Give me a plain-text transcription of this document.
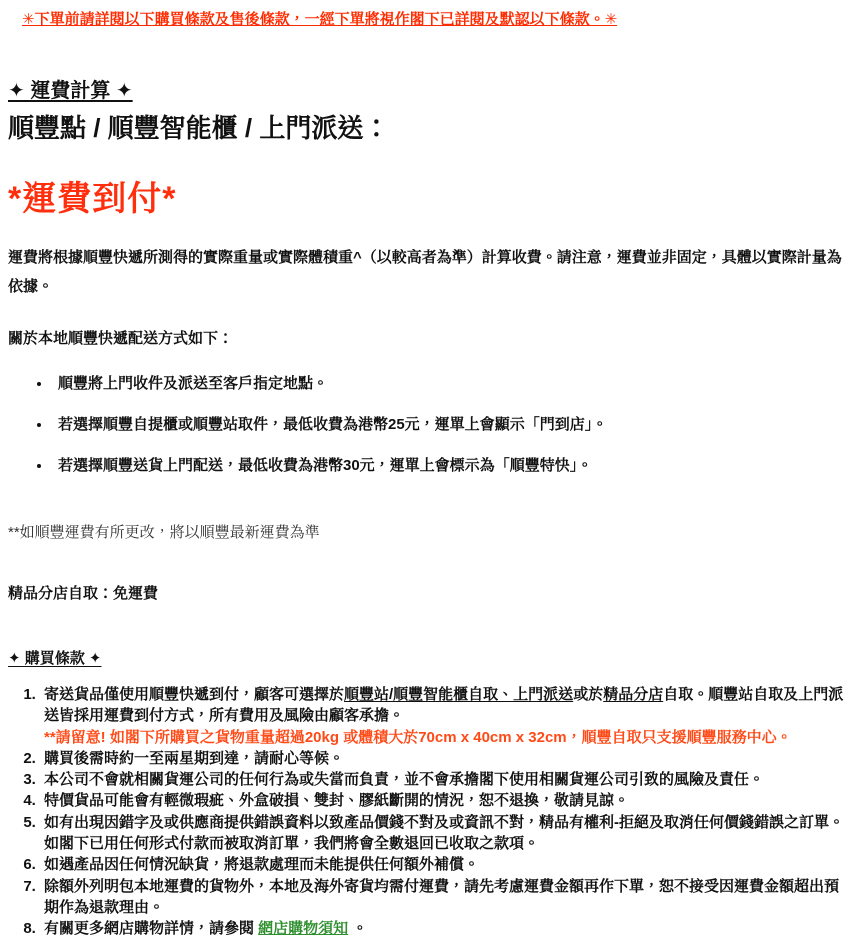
✳下單前請詳閱以下購買條款及售後條款，一經下單將視作閣下已詳閱及默認以下條款。✳

✦ 運費計算 ✦
順豐點 / 順豐智能櫃 / 上門派送：
*運費到付*

運費將根據順豐快遞所測得的實際重量或實際體積重^（以較高者為準）計算收費。請注意，運費並非固定，具體以實際計量為依據。

關於本地順豐快遞配送方式如下：

• 順豐將上門收件及派送至客戶指定地點。
• 若選擇順豐自提櫃或順豐站取件，最低收費為港幣25元，運單上會顯示「門到店」。
• 若選擇順豐送貨上門配送，最低收費為港幣30元，運單上會標示為「順豐特快」。

**如順豐運費有所更改，將以順豐最新運費為準

精品分店自取：免運費

✦ 購買條款 ✦
1. 寄送貨品僅使用順豐快遞到付，顧客可選擇於順豐站/順豐智能櫃自取、上門派送或於精品分店自取。順豐站自取及上門派送皆採用運費到付方式，所有費用及風險由顧客承擔。
**請留意! 如閣下所購買之貨物重量超過20kg 或體積大於70cm x 40cm x 32cm，順豐自取只支援順豐服務中心。
2. 購買後需時約一至兩星期到達，請耐心等候。
3. 本公司不會就相關貨運公司的任何行為或失當而負責，並不會承擔閣下使用相關貨運公司引致的風險及責任。
4. 特價貨品可能會有輕微瑕疵、外盒破損、雙封、膠紙斷開的情況，恕不退換，敬請見諒。
5. 如有出現因錯字及或供應商提供錯誤資料以致產品價錢不對及或資訊不對，精品有權利-拒絕及取消任何價錢錯誤之訂單。如閣下已用任何形式付款而被取消訂單，我們將會全數退回已收取之款項。
6. 如遇產品因任何情況缺貨，將退款處理而未能提供任何額外補償。
7. 除額外列明包本地運費的貨物外，本地及海外寄貨均需付運費，請先考慮運費金額再作下單，恕不接受因運費金額超出預期作為退款理由。
8. 有關更多網店購物詳情，請參閱 網店購物須知 。
